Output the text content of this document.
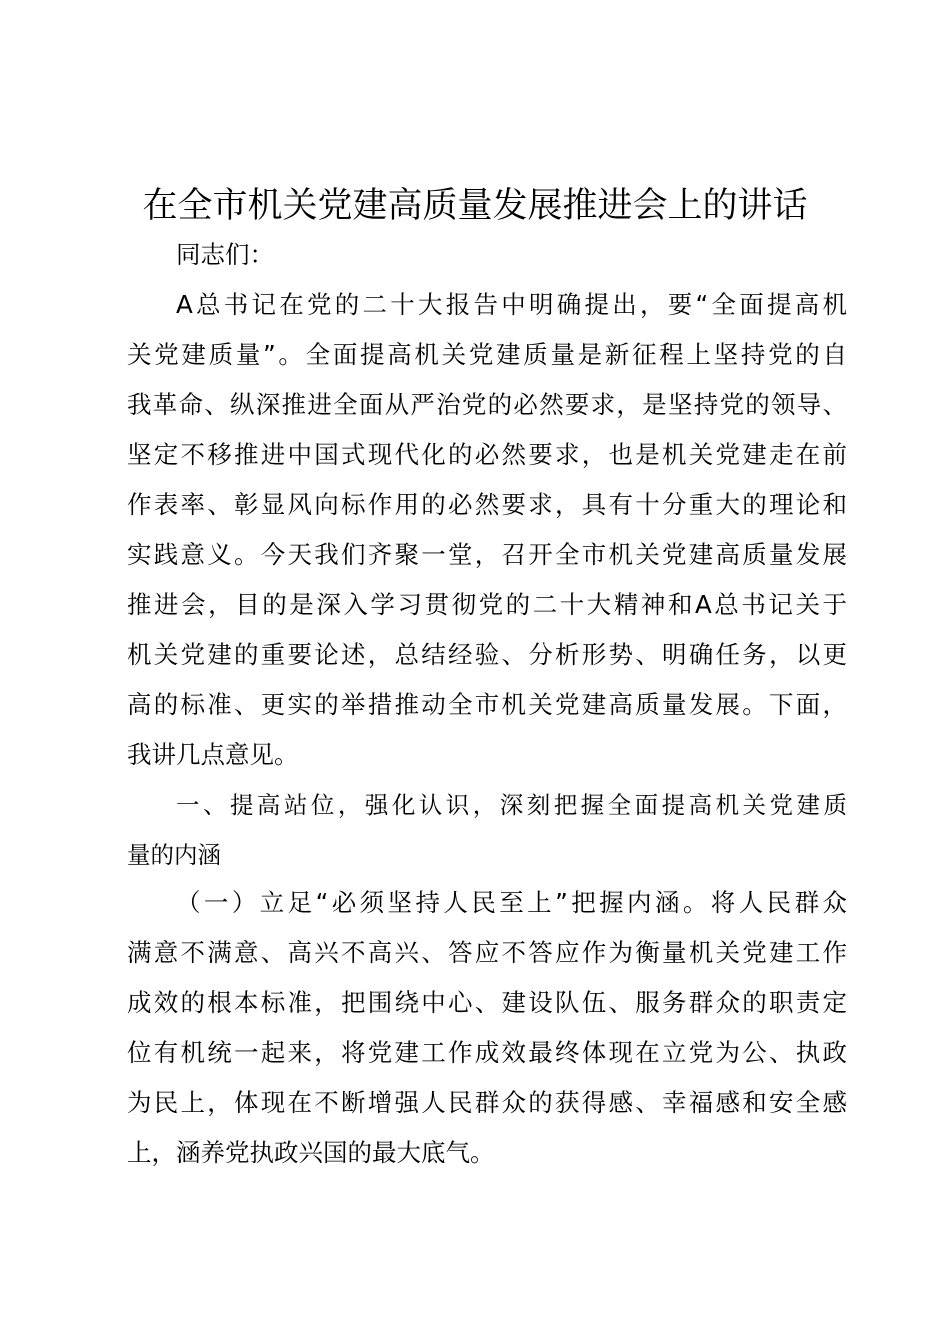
在全市机关党建高质量发展推进会上的讲话
同志们：
A总书记在党的二十大报告中明确提出，要“全面提高机
关党建质量”。全面提高机关党建质量是新征程上坚持党的自
我革命、纵深推进全面从严治党的必然要求，是坚持党的领导、
坚定不移推进中国式现代化的必然要求，也是机关党建走在前
作表率、彰显风向标作用的必然要求，具有十分重大的理论和
实践意义。今天我们齐聚一堂，召开全市机关党建高质量发展
推进会，目的是深入学习贯彻党的二十大精神和A总书记关于
机关党建的重要论述，总结经验、分析形势、明确任务，以更
高的标准、更实的举措推动全市机关党建高质量发展。下面，
我讲几点意见。
一、提高站位，强化认识，深刻把握全面提高机关党建质
量的内涵
（一）立足“必须坚持人民至上”把握内涵。将人民群众
满意不满意、高兴不高兴、答应不答应作为衡量机关党建工作
成效的根本标准，把围绕中心、建设队伍、服务群众的职责定
位有机统一起来，将党建工作成效最终体现在立党为公、执政
为民上，体现在不断增强人民群众的获得感、幸福感和安全感
上，涵养党执政兴国的最大底气。
